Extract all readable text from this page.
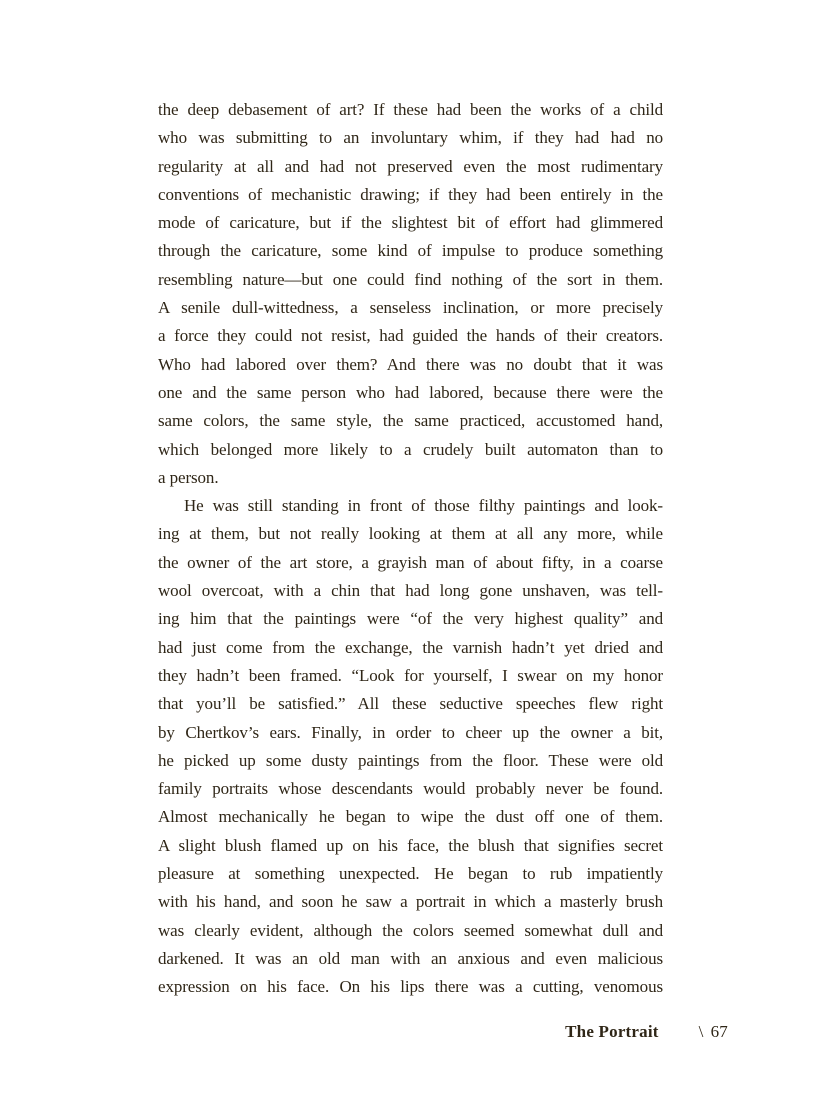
the deep debasement of art? If these had been the works of a child
who was submitting to an involuntary whim, if they had had no
regularity at all and had not preserved even the most rudimentary
conventions of mechanistic drawing; if they had been entirely in the
mode of caricature, but if the slightest bit of effort had glimmered
through the caricature, some kind of impulse to produce something
resembling nature—but one could find nothing of the sort in them.
A senile dull-wittedness, a senseless inclination, or more precisely
a force they could not resist, had guided the hands of their creators.
Who had labored over them? And there was no doubt that it was
one and the same person who had labored, because there were the
same colors, the same style, the same practiced, accustomed hand,
which belonged more likely to a crudely built automaton than to
a person.
He was still standing in front of those filthy paintings and look-
ing at them, but not really looking at them at all any more, while
the owner of the art store, a grayish man of about fifty, in a coarse
wool overcoat, with a chin that had long gone unshaven, was tell-
ing him that the paintings were “of the very highest quality” and
had just come from the exchange, the varnish hadn’t yet dried and
they hadn’t been framed. “Look for yourself, I swear on my honor
that you’ll be satisfied.” All these seductive speeches flew right
by Chertkov’s ears. Finally, in order to cheer up the owner a bit,
he picked up some dusty paintings from the floor. These were old
family portraits whose descendants would probably never be found.
Almost mechanically he began to wipe the dust off one of them.
A slight blush flamed up on his face, the blush that signifies secret
pleasure at something unexpected. He began to rub impatiently
with his hand, and soon he saw a portrait in which a masterly brush
was clearly evident, although the colors seemed somewhat dull and
darkened. It was an old man with an anxious and even malicious
expression on his face. On his lips there was a cutting, venomous
The Portrait \ 67
